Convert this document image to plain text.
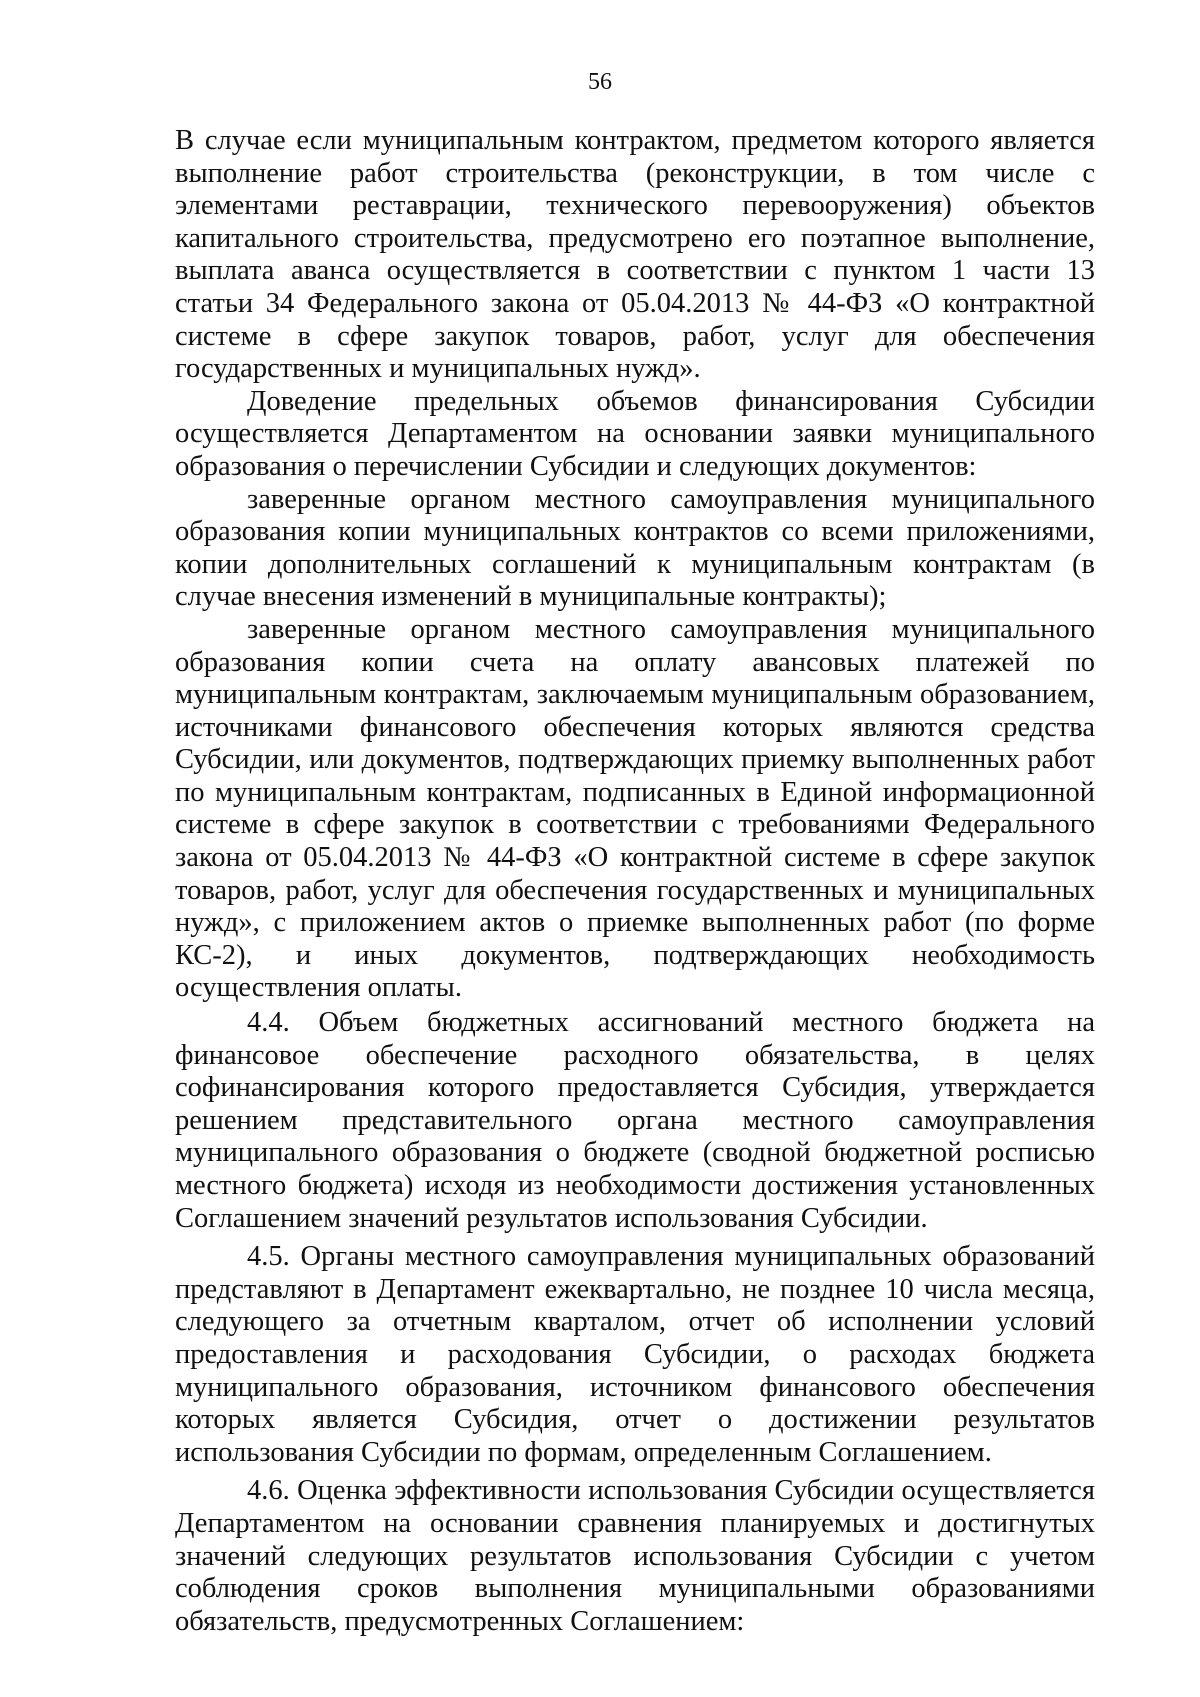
56

В случае если муниципальным контрактом, предметом которого является выполнение работ строительства (реконструкции, в том числе с элементами реставрации, технического перевооружения) объектов капитального строительства, предусмотрено его поэтапное выполнение, выплата аванса осуществляется в соответствии с пунктом 1 части 13 статьи 34 Федерального закона от 05.04.2013 № 44-ФЗ «О контрактной системе в сфере закупок товаров, работ, услуг для обеспечения государственных и муниципальных нужд».

Доведение предельных объемов финансирования Субсидии осуществляется Департаментом на основании заявки муниципального образования о перечислении Субсидии и следующих документов:

заверенные органом местного самоуправления муниципального образования копии муниципальных контрактов со всеми приложениями, копии дополнительных соглашений к муниципальным контрактам (в случае внесения изменений в муниципальные контракты);

заверенные органом местного самоуправления муниципального образования копии счета на оплату авансовых платежей по муниципальным контрактам, заключаемым муниципальным образованием, источниками финансового обеспечения которых являются средства Субсидии, или документов, подтверждающих приемку выполненных работ по муниципальным контрактам, подписанных в Единой информационной системе в сфере закупок в соответствии с требованиями Федерального закона от 05.04.2013 № 44-ФЗ «О контрактной системе в сфере закупок товаров, работ, услуг для обеспечения государственных и муниципальных нужд», с приложением актов о приемке выполненных работ (по форме КС-2), и иных документов, подтверждающих необходимость осуществления оплаты.

4.4. Объем бюджетных ассигнований местного бюджета на финансовое обеспечение расходного обязательства, в целях софинансирования которого предоставляется Субсидия, утверждается решением представительного органа местного самоуправления муниципального образования о бюджете (сводной бюджетной росписью местного бюджета) исходя из необходимости достижения установленных Соглашением значений результатов использования Субсидии.

4.5. Органы местного самоуправления муниципальных образований представляют в Департамент ежеквартально, не позднее 10 числа месяца, следующего за отчетным кварталом, отчет об исполнении условий предоставления и расходования Субсидии, о расходах бюджета муниципального образования, источником финансового обеспечения которых является Субсидия, отчет о достижении результатов использования Субсидии по формам, определенным Соглашением.

4.6. Оценка эффективности использования Субсидии осуществляется Департаментом на основании сравнения планируемых и достигнутых значений следующих результатов использования Субсидии с учетом соблюдения сроков выполнения муниципальными образованиями обязательств, предусмотренных Соглашением:
